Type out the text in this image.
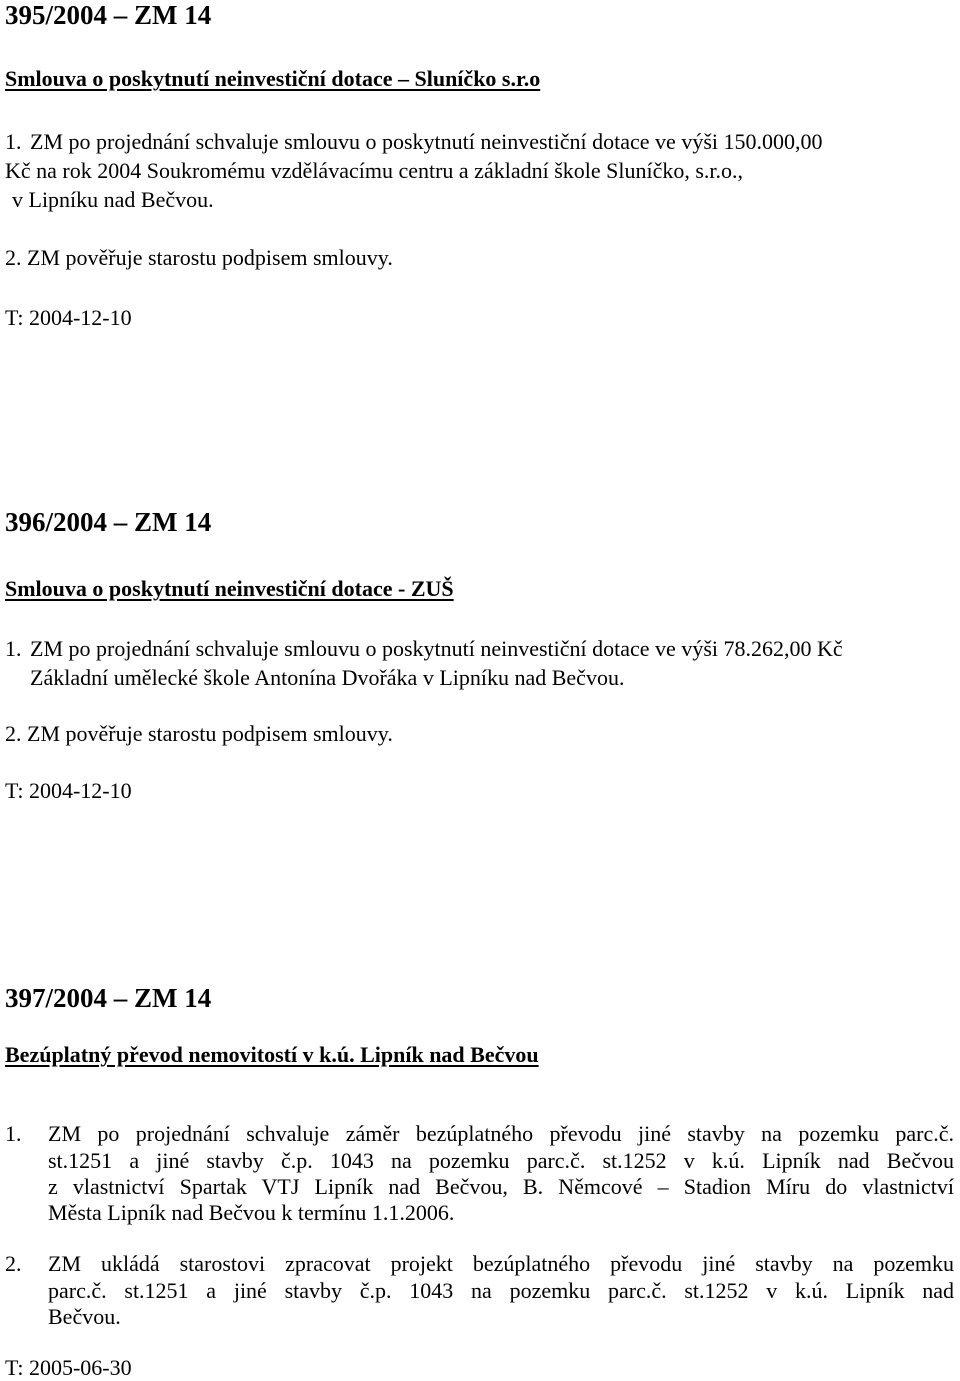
395/2004 – ZM 14
Smlouva o poskytnutí neinvestiční dotace – Sluníčko s.r.o
1. ZM po projednání schvaluje smlouvu o poskytnutí neinvestiční dotace ve výši 150.000,00
Kč na rok 2004 Soukromému vzdělávacímu centru a základní škole Sluníčko, s.r.o.,
v Lipníku nad Bečvou.
2. ZM pověřuje starostu podpisem smlouvy.
T: 2004-12-10
396/2004 – ZM 14
Smlouva o poskytnutí neinvestiční dotace - ZUŠ
1. ZM po projednání schvaluje smlouvu o poskytnutí neinvestiční dotace ve výši 78.262,00 Kč
Základní umělecké škole Antonína Dvořáka v Lipníku nad Bečvou.
2. ZM pověřuje starostu podpisem smlouvy.
T: 2004-12-10
397/2004 – ZM 14
Bezúplatný převod nemovitostí v k.ú. Lipník nad Bečvou
1. ZM po projednání schvaluje záměr bezúplatného převodu jiné stavby na pozemku parc.č.
st.1251 a jiné stavby č.p. 1043 na pozemku parc.č. st.1252 v k.ú. Lipník nad Bečvou
z vlastnictví Spartak VTJ Lipník nad Bečvou, B. Němcové – Stadion Míru do vlastnictví
Města Lipník nad Bečvou k termínu 1.1.2006.
2. ZM ukládá starostovi zpracovat projekt bezúplatného převodu jiné stavby na pozemku
parc.č. st.1251 a jiné stavby č.p. 1043 na pozemku parc.č. st.1252 v k.ú. Lipník nad
Bečvou.
T: 2005-06-30
